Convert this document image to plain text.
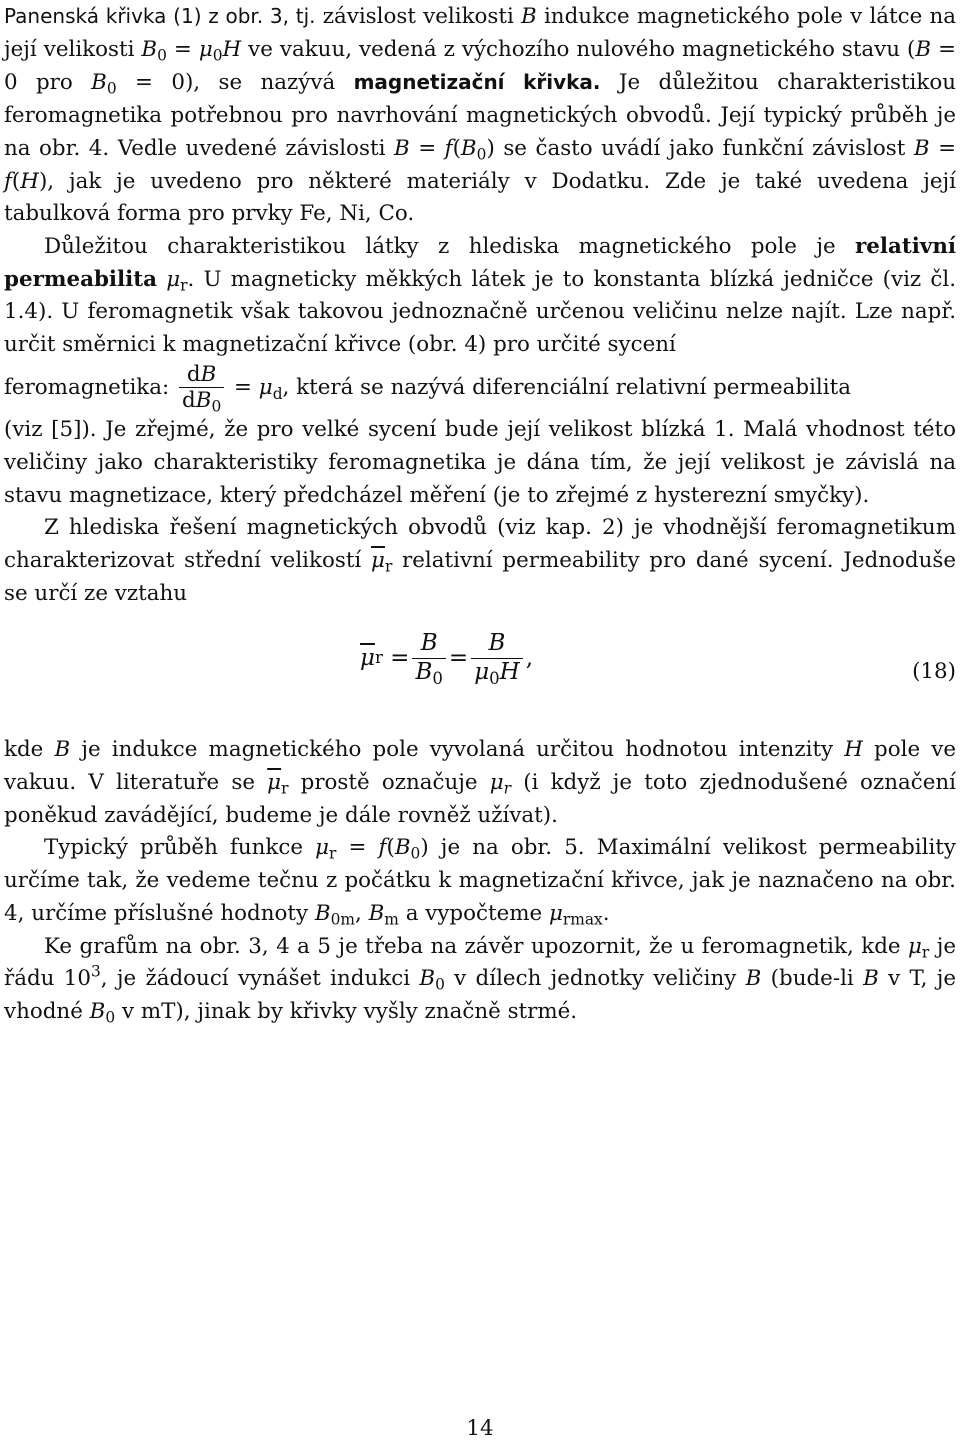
Panenská křivka (1) z obr. 3, tj. závislost velikosti B indukce magnetického pole v látce na její velikosti $B_0 = \mu_0H$ ve vakuu, vedená z výchozího nulového magnetického stavu (B = 0 pro $B_0 = 0$), se nazývá magnetizační křivka. Je důležitou charakteristikou feromagnetika potřebnou pro navrhování magnetických obvodů. Její typický průběh je na obr. 4. Vedle uvedené závislosti $B = f(B_0)$ se často uvádí jako funkční závislost B = f(H), jak je uvedeno pro některé materiály v Dodatku. Zde je také uvedena její tabulková forma pro prvky Fe, Ni, Co.

Důležitou charakteristikou látky z hlediska magnetického pole je relativní permeabilita $\mu_r$. U magneticky měkkých látek je to konstanta blízká jedničce (viz čl. 1.4). U feromagnetik však takovou jednoznačně určenou veličinu nelze najít. Lze např. určit směrnici k magnetizační křivce (obr. 4) pro určité sycení

feromagnetika: $\frac{dB}{dB_0} = \mu_d$, která se nazývá diferenciální relativní permeabilita

(viz [5]). Je zřejmé, že pro velké sycení bude její velikost blízká 1. Malá vhodnost této veličiny jako charakteristiky feromagnetika je dána tím, že její velikost je závislá na stavu magnetizace, který předcházel měření (je to zřejmé z hysterezní smyčky).

Z hlediska řešení magnetických obvodů (viz kap. 2) je vhodnější feromagnetikum charakterizovat střední velikostí $\overline{\mu}_r$ relativní permeability pro dané sycení. Jednoduše se určí ze vztahu

$\overline{\mu}$ $r = \frac{B}{B_0} = \frac{B}{\mu_0H}$ ,
(18)

kde B je indukce magnetického pole vyvolaná určitou hodnotou intenzity H pole ve vakuu. V literatuře se $\overline{\mu}_r$ prostě označuje $\mu_r$ (i když je toto zjednodušené označení poněkud zavádějící, budeme je dále rovněž užívat).

Typický průběh funkce $\mu_r = f(B_0)$ je na obr. 5. Maximální velikost permeability určíme tak, že vedeme tečnu z počátku k magnetizační křivce, jak je naznačeno na obr. 4, určíme příslušné hodnoty $B_{0m}$, $B_m$ a vypočteme $\mu_{rmax}$.

Ke grafům na obr. 3, 4 a 5 je třeba na závěr upozornit, že u feromagnetik, kde $\mu_r$ je řádu $10^3$, je žádoucí vynášet indukci $B_0$ v dílech jednotky veličiny B (bude-li B v T, je vhodné $B_0$ v mT), jinak by křivky vyšly značně strmé.

14
